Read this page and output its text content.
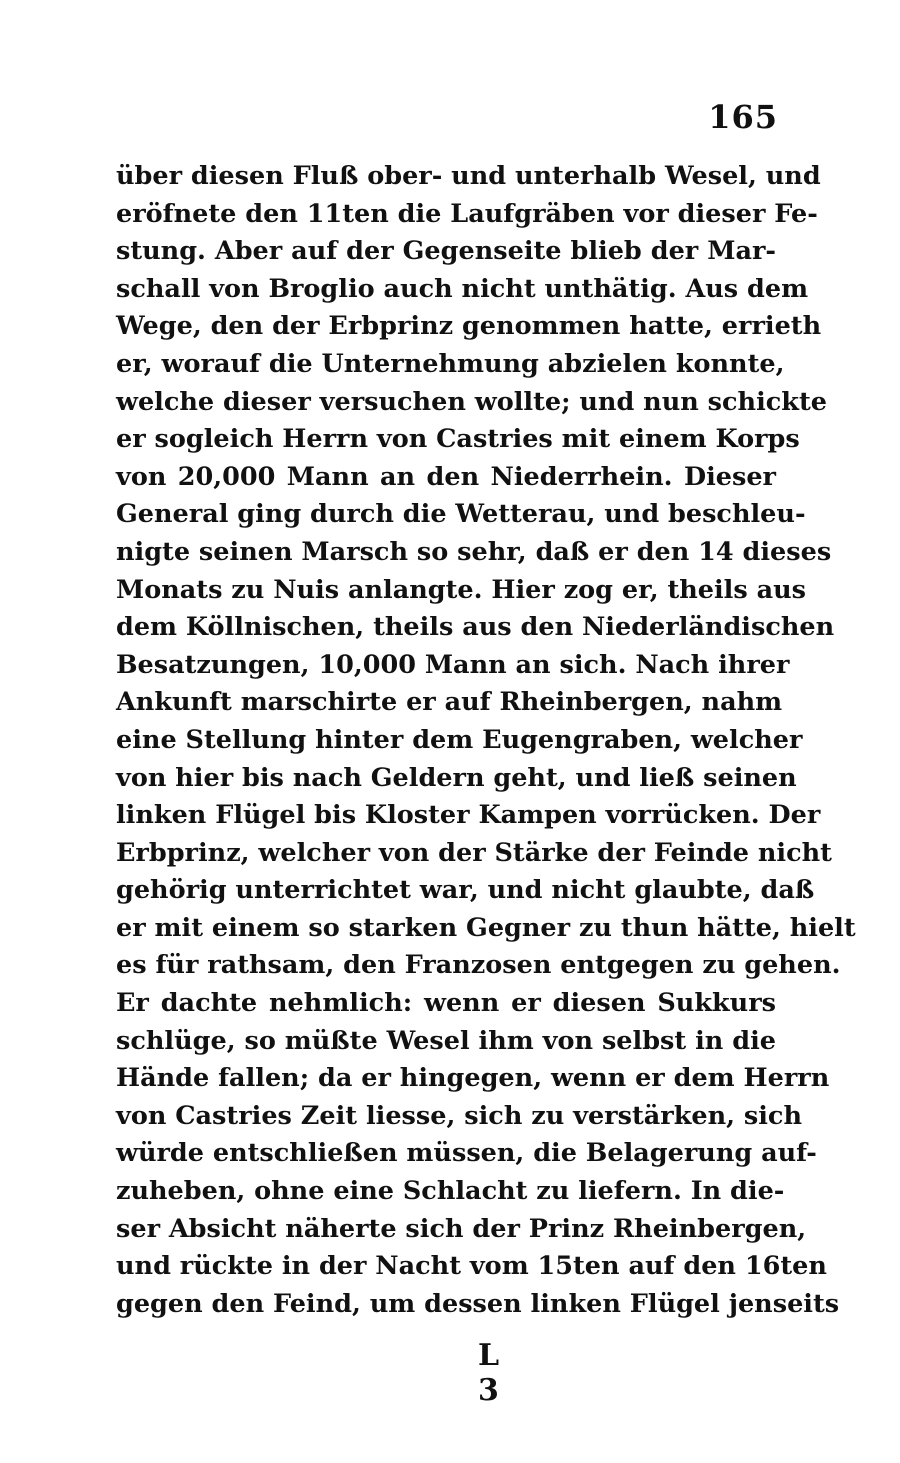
165
über diesen Fluß ober- und unterhalb Wesel, und
eröfnete den 11ten die Laufgräben vor dieser Fe-
stung. Aber auf der Gegenseite blieb der Mar-
schall von Broglio auch nicht unthätig. Aus dem
Wege, den der Erbprinz genommen hatte, errieth
er, worauf die Unternehmung abzielen konnte,
welche dieser versuchen wollte; und nun schickte
er sogleich Herrn von Castries mit einem Korps
von 20,000 Mann an den Niederrhein. Dieser
General ging durch die Wetterau, und beschleu-
nigte seinen Marsch so sehr, daß er den 14 dieses
Monats zu Nuis anlangte. Hier zog er, theils aus
dem Köllnischen, theils aus den Niederländischen
Besatzungen, 10,000 Mann an sich. Nach ihrer
Ankunft marschirte er auf Rheinbergen, nahm
eine Stellung hinter dem Eugengraben, welcher
von hier bis nach Geldern geht, und ließ seinen
linken Flügel bis Kloster Kampen vorrücken. Der
Erbprinz, welcher von der Stärke der Feinde nicht
gehörig unterrichtet war, und nicht glaubte, daß
er mit einem so starken Gegner zu thun hätte, hielt
es für rathsam, den Franzosen entgegen zu gehen.
Er dachte nehmlich: wenn er diesen Sukkurs
schlüge, so müßte Wesel ihm von selbst in die
Hände fallen; da er hingegen, wenn er dem Herrn
von Castries Zeit liesse, sich zu verstärken, sich
würde entschließen müssen, die Belagerung auf-
zuheben, ohne eine Schlacht zu liefern. In die-
ser Absicht näherte sich der Prinz Rheinbergen,
und rückte in der Nacht vom 15ten auf den 16ten
gegen den Feind, um dessen linken Flügel jenseits
L 3
